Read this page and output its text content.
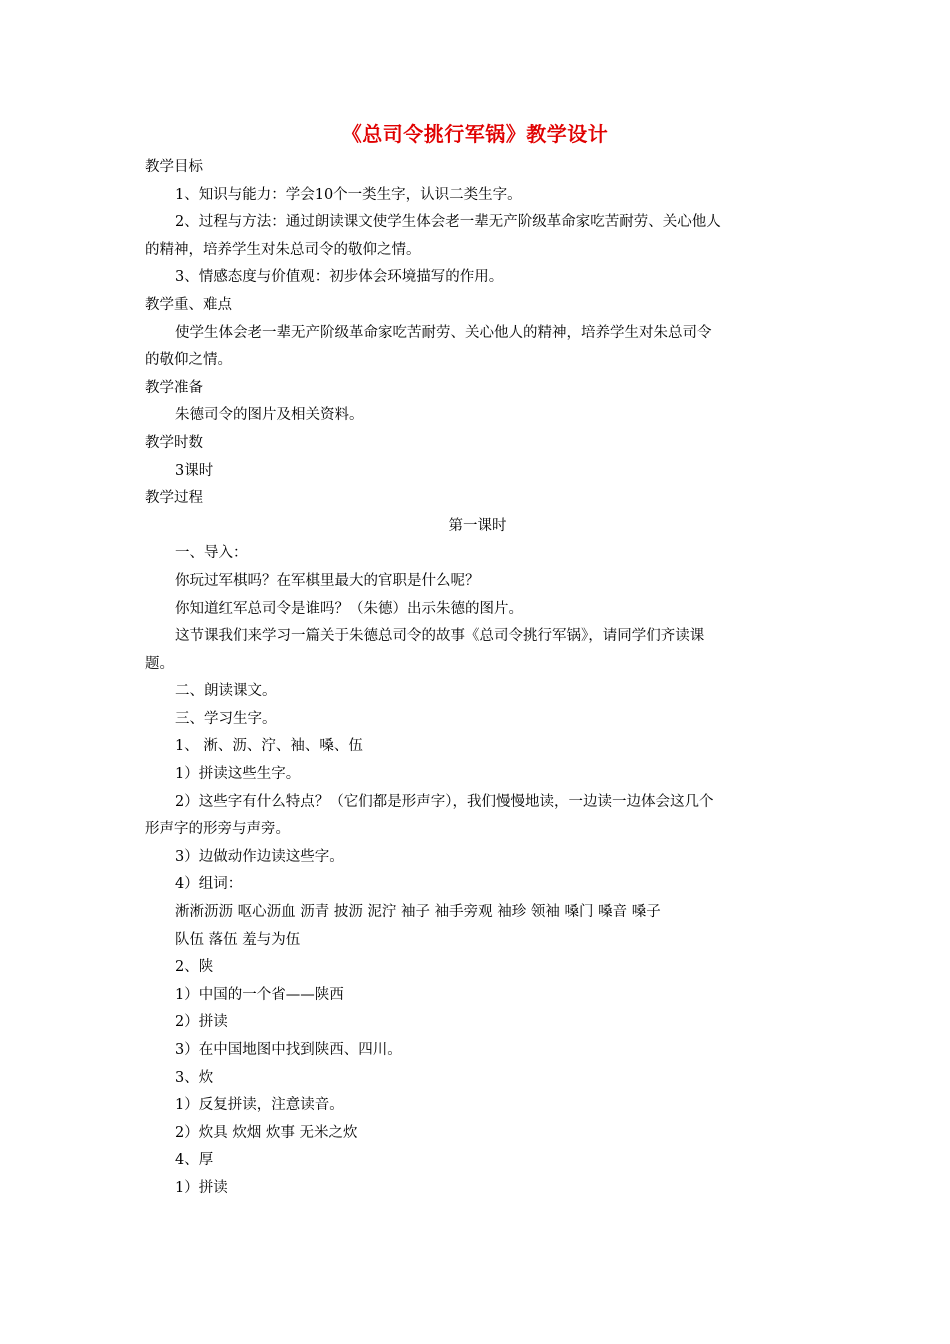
《总司令挑行军锅》教学设计

教学目标

1、知识与能力：学会10个一类生字，认识二类生字。

2、过程与方法：通过朗读课文使学生体会老一辈无产阶级革命家吃苦耐劳、关心他人

的精神，培养学生对朱总司令的敬仰之情。

3、情感态度与价值观：初步体会环境描写的作用。

教学重、难点

使学生体会老一辈无产阶级革命家吃苦耐劳、关心他人的精神，培养学生对朱总司令

的敬仰之情。

教学准备

朱德司令的图片及相关资料。

教学时数

3课时

教学过程

第一课时

一、导入：

你玩过军棋吗？在军棋里最大的官职是什么呢？

你知道红军总司令是谁吗？（朱德）出示朱德的图片。

这节课我们来学习一篇关于朱德总司令的故事《总司令挑行军锅》，请同学们齐读课

题。

二、朗读课文。

三、学习生字。

1、 淅、沥、泞、袖、嗓、伍

1）拼读这些生字。

2）这些字有什么特点？（它们都是形声字），我们慢慢地读，一边读一边体会这几个

形声字的形旁与声旁。

3）边做动作边读这些字。

4）组词：

淅淅沥沥 呕心沥血 沥青 披沥 泥泞 袖子 袖手旁观 袖珍 领袖 嗓门 嗓音 嗓子

队伍 落伍 羞与为伍

2、陕

1）中国的一个省——陕西

2）拼读

3）在中国地图中找到陕西、四川。

3、炊

1）反复拼读，注意读音。

2）炊具 炊烟 炊事 无米之炊

4、厚

1）拼读
